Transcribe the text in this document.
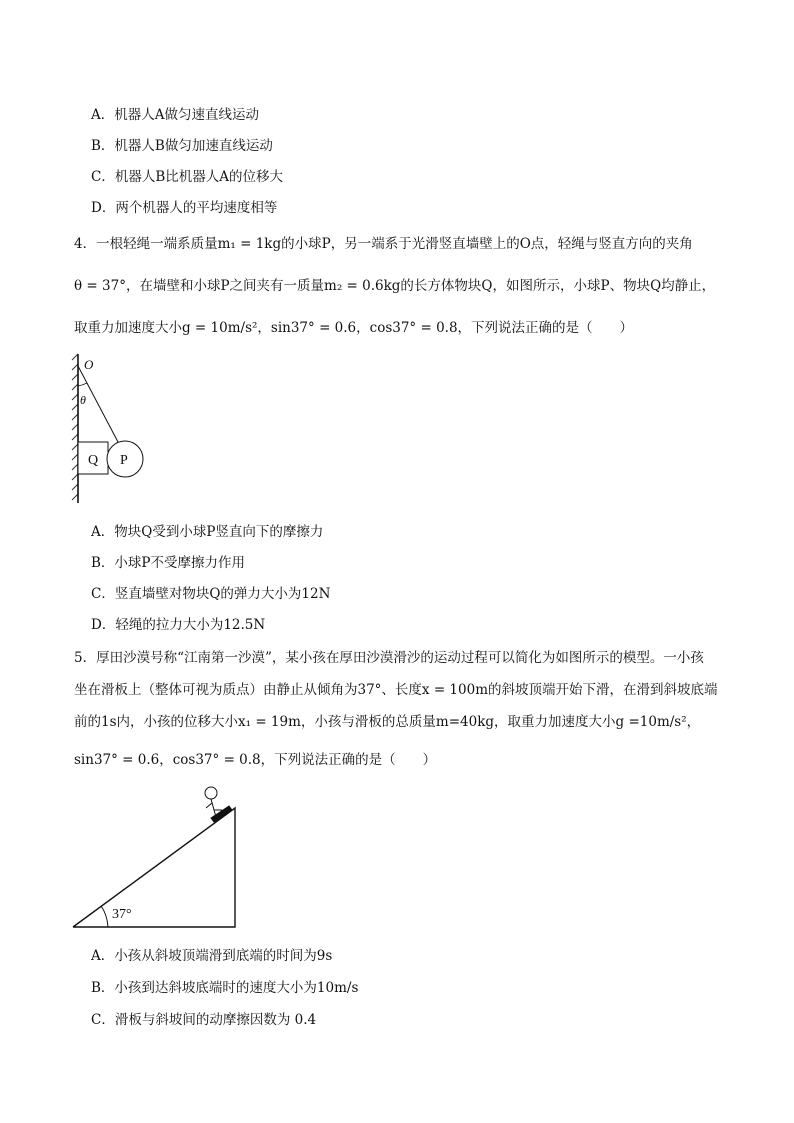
A．机器人A做匀速直线运动
B．机器人B做匀加速直线运动
C．机器人B比机器人A的位移大
D．两个机器人的平均速度相等
4．一根轻绳一端系质量m₁ = 1kg的小球P，另一端系于光滑竖直墙壁上的O点，轻绳与竖直方向的夹角
θ = 37°，在墙壁和小球P之间夹有一质量m₂ = 0.6kg的长方体物块Q，如图所示，小球P、物块Q均静止，
取重力加速度大小g = 10m/s²，sin37° = 0.6，cos37° = 0.8，下列说法正确的是（　　）
O
θ
Q P
A．物块Q受到小球P竖直向下的摩擦力
B．小球P不受摩擦力作用
C．竖直墙壁对物块Q的弹力大小为12N
D．轻绳的拉力大小为12.5N
5．厚田沙漠号称“江南第一沙漠”，某小孩在厚田沙漠滑沙的运动过程可以简化为如图所示的模型。一小孩
坐在滑板上（整体可视为质点）由静止从倾角为37°、长度x = 100m的斜坡顶端开始下滑，在滑到斜坡底端
前的1s内，小孩的位移大小x₁ = 19m，小孩与滑板的总质量m=40kg，取重力加速度大小g =10m/s²，
sin37° = 0.6，cos37° = 0.8，下列说法正确的是（　　）
37°
A．小孩从斜坡顶端滑到底端的时间为9s
B．小孩到达斜坡底端时的速度大小为10m/s
C．滑板与斜坡间的动摩擦因数为 0.4
